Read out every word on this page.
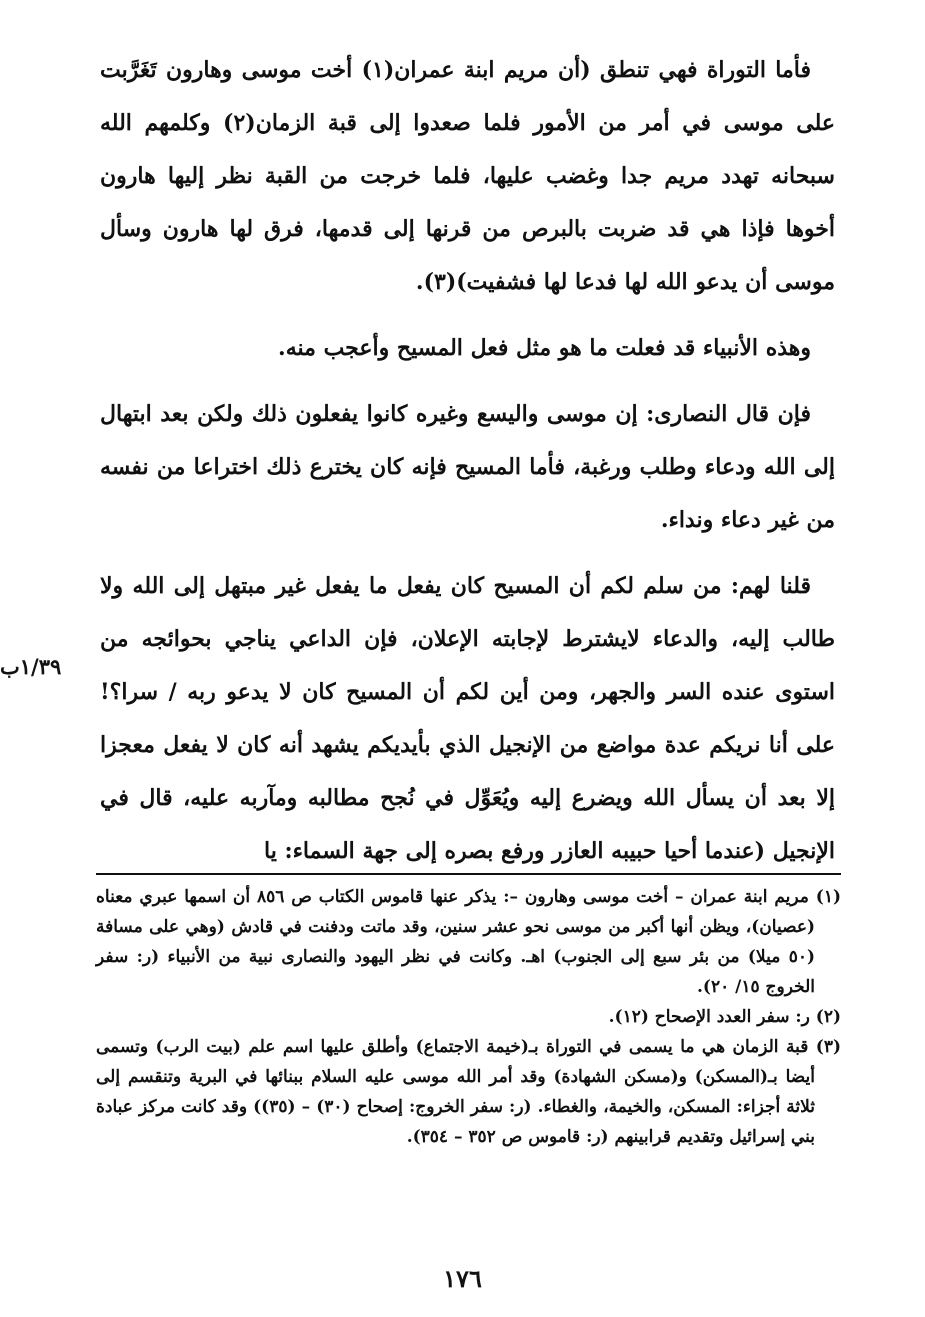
فأما التوراة فهي تنطق (أن مريم ابنة عمران(١) أخت موسى وهارون تَغَرَّبت على موسى في أمر من الأمور فلما صعدوا إلى قبة الزمان(٢) وكلمهم الله سبحانه تهدد مريم جدا وغضب عليها، فلما خرجت من القبة نظر إليها هارون أخوها فإذا هي قد ضربت بالبرص من قرنها إلى قدمها، فرق لها هارون وسأل موسى أن يدعو الله لها فدعا لها فشفيت)(٣).

وهذه الأنبياء قد فعلت ما هو مثل فعل المسيح وأعجب منه.

فإن قال النصارى: إن موسى واليسع وغيره كانوا يفعلون ذلك ولكن بعد ابتهال إلى الله ودعاء وطلب ورغبة، فأما المسيح فإنه كان يخترع ذلك اختراعا من نفسه من غير دعاء ونداء.

قلنا لهم: من سلم لكم أن المسيح كان يفعل ما يفعل غير مبتهل إلى الله ولا طالب إليه، والدعاء لايشترط لإجابته الإعلان، فإن الداعي يناجي بحوائجه من استوى عنده السر والجهر، ومن أين لكم أن المسيح كان لا يدعو ربه / سرا؟! على أنا نريكم عدة مواضع من الإنجيل الذي بأيديكم يشهد أنه كان لا يفعل معجزا إلا بعد أن يسأل الله ويضرع إليه ويُعَوِّل في نُجح مطالبه ومآربه عليه، قال في الإنجيل (عندما أحيا حبيبه العازر ورفع بصره إلى جهة السماء: يا

١/٣٩ب

(١) مريم ابنة عمران – أخت موسى وهارون –: يذكر عنها قاموس الكتاب ص ٨٥٦ أن اسمها عبري معناه (عصيان)، ويظن أنها أكبر من موسى نحو عشر سنين، وقد ماتت ودفنت في قادش (وهي على مسافة (٥٠ ميلا) من بئر سبع إلى الجنوب) اهـ. وكانت في نظر اليهود والنصارى نبية من الأنبياء (ر: سفر الخروج ١٥/ ٢٠).

(٢) ر: سفر العدد الإصحاح (١٢).

(٣) قبة الزمان هي ما يسمى في التوراة بـ(خيمة الاجتماع) وأطلق عليها اسم علم (بيت الرب) وتسمى أيضا بـ(المسكن) و(مسكن الشهادة) وقد أمر الله موسى عليه السلام ببنائها في البرية وتنقسم إلى ثلاثة أجزاء: المسكن، والخيمة، والغطاء. (ر: سفر الخروج: إصحاح (٣٠) – (٣٥)) وقد كانت مركز عبادة بني إسرائيل وتقديم قرابينهم (ر: قاموس ص ٣٥٢ – ٣٥٤).

١٧٦
